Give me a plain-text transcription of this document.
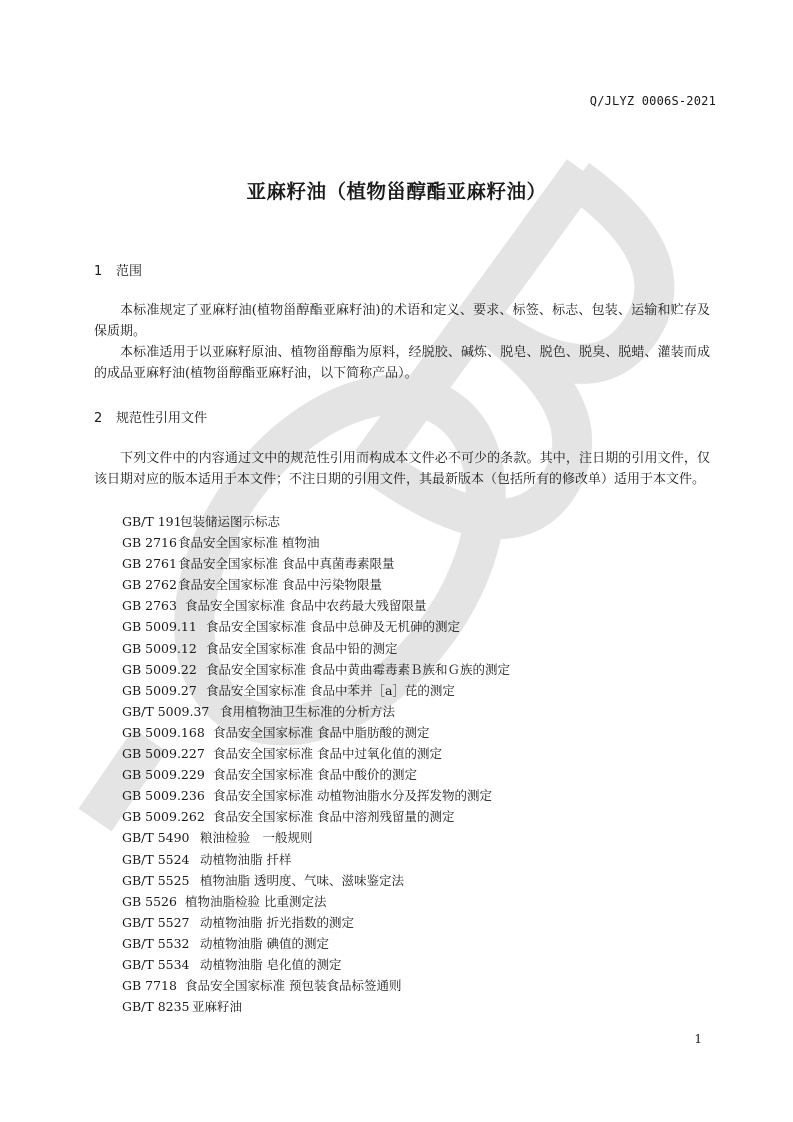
Q/JLYZ 0006S-2021
亚麻籽油（植物甾醇酯亚麻籽油）
1 范围
本标准规定了亚麻籽油(植物甾醇酯亚麻籽油)的术语和定义、要求、标签、标志、包装、运输和贮存及保质期。
本标准适用于以亚麻籽原油、植物甾醇酯为原料，经脱胶、碱炼、脱皂、脱色、脱臭、脱蜡、灌装而成的成品亚麻籽油(植物甾醇酯亚麻籽油，以下简称产品）。
2 规范性引用文件
下列文件中的内容通过文中的规范性引用而构成本文件必不可少的条款。其中，注日期的引用文件，仅该日期对应的版本适用于本文件；不注日期的引用文件，其最新版本（包括所有的修改单）适用于本文件。
GB/T 191包装储运图示标志
GB 2716食品安全国家标准 植物油
GB 2761食品安全国家标准 食品中真菌毒素限量
GB 2762食品安全国家标准 食品中污染物限量
GB 2763 食品安全国家标准 食品中农药最大残留限量
GB 5009.11 食品安全国家标准 食品中总砷及无机砷的测定
GB 5009.12 食品安全国家标准 食品中铅的测定
GB 5009.22 食品安全国家标准 食品中黄曲霉毒素Ｂ族和Ｇ族的测定
GB 5009.27 食品安全国家标准 食品中苯并［a］芘的测定
GB/T 5009.37 食用植物油卫生标准的分析方法
GB 5009.168 食品安全国家标准 食品中脂肪酸的测定
GB 5009.227 食品安全国家标准 食品中过氧化值的测定
GB 5009.229 食品安全国家标准 食品中酸价的测定
GB 5009.236 食品安全国家标准 动植物油脂水分及挥发物的测定
GB 5009.262 食品安全国家标准 食品中溶剂残留量的测定
GB/T 5490 粮油检验　一般规则
GB/T 5524 动植物油脂 扦样
GB/T 5525 植物油脂 透明度、气味、滋味鉴定法
GB 5526 植物油脂检验 比重测定法
GB/T 5527 动植物油脂 折光指数的测定
GB/T 5532 动植物油脂 碘值的测定
GB/T 5534 动植物油脂 皂化值的测定
GB 7718 食品安全国家标准 预包装食品标签通则
GB/T 8235 亚麻籽油
1
